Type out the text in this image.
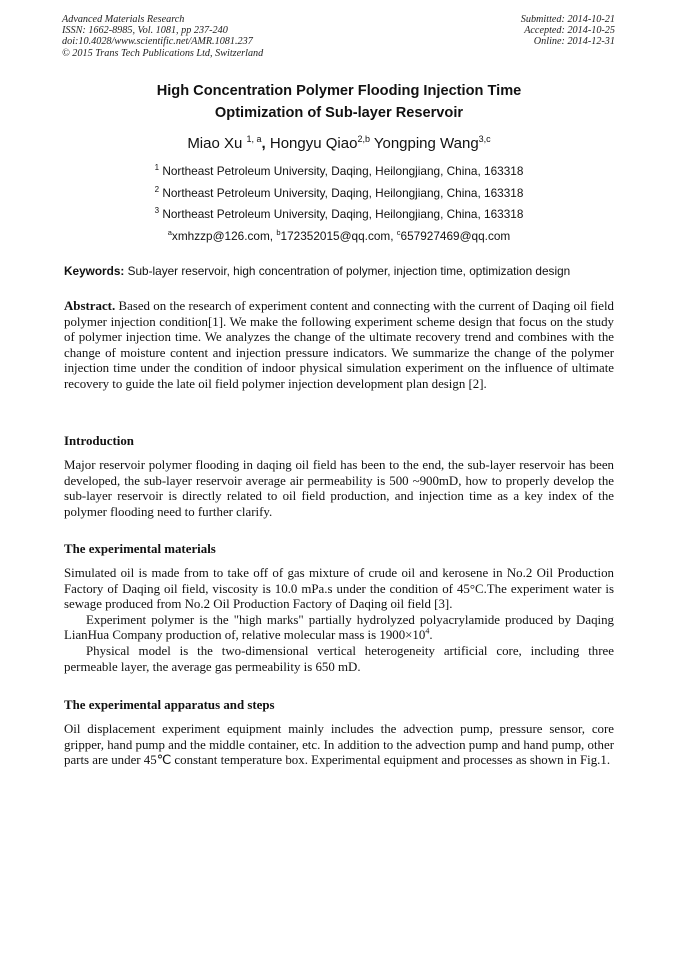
Advanced Materials Research
ISSN: 1662-8985, Vol. 1081, pp 237-240
doi:10.4028/www.scientific.net/AMR.1081.237
© 2015 Trans Tech Publications Ltd, Switzerland
Submitted: 2014-10-21
Accepted: 2014-10-25
Online: 2014-12-31
High Concentration Polymer Flooding Injection Time
Optimization of Sub-layer Reservoir
Miao Xu $^{1, a}$, Hongyu Qiao$^{2,b}$ Yongping Wang$^{3,c}$
$^1$ Northeast Petroleum University, Daqing, Heilongjiang, China, 163318
$^2$ Northeast Petroleum University, Daqing, Heilongjiang, China, 163318
$^3$ Northeast Petroleum University, Daqing, Heilongjiang, China, 163318
$^a$xmhzzp@126.com, $^b$172352015@qq.com, $^c$657927469@qq.com
Keywords: Sub-layer reservoir, high concentration of polymer, injection time, optimization design

Abstract. Based on the research of experiment content and connecting with the current of Daqing oil field polymer injection condition[1]. We make the following experiment scheme design that focus on the study of polymer injection time. We analyzes the change of the ultimate recovery trend and combines with the change of moisture content and injection pressure indicators. We summarize the change of the polymer injection time under the condition of indoor physical simulation experiment on the influence of ultimate recovery to guide the late oil field polymer injection development plan design [2].

Introduction

Major reservoir polymer flooding in daqing oil field has been to the end, the sub-layer reservoir has been developed, the sub-layer reservoir average air permeability is 500 ~900mD, how to properly develop the sub-layer reservoir is directly related to oil field production, and injection time as a key index of the polymer flooding need to further clarify.

The experimental materials

Simulated oil is made from to take off of gas mixture of crude oil and kerosene in No.2 Oil Production Factory of Daqing oil field, viscosity is 10.0 mPa.s under the condition of 45°C.The experiment water is sewage produced from No.2 Oil Production Factory of Daqing oil field [3].

Experiment polymer is the "high marks" partially hydrolyzed polyacrylamide produced by Daqing LianHua Company production of, relative molecular mass is $1900\times 10^4$.

Physical model is the two-dimensional vertical heterogeneity artificial core, including three permeable layer, the average gas permeability is 650 mD.

The experimental apparatus and steps

Oil displacement experiment equipment mainly includes the advection pump, pressure sensor, core gripper, hand pump and the middle container, etc. In addition to the advection pump and hand pump, other parts are under 45℃ constant temperature box. Experimental equipment and processes as shown in Fig.1.
